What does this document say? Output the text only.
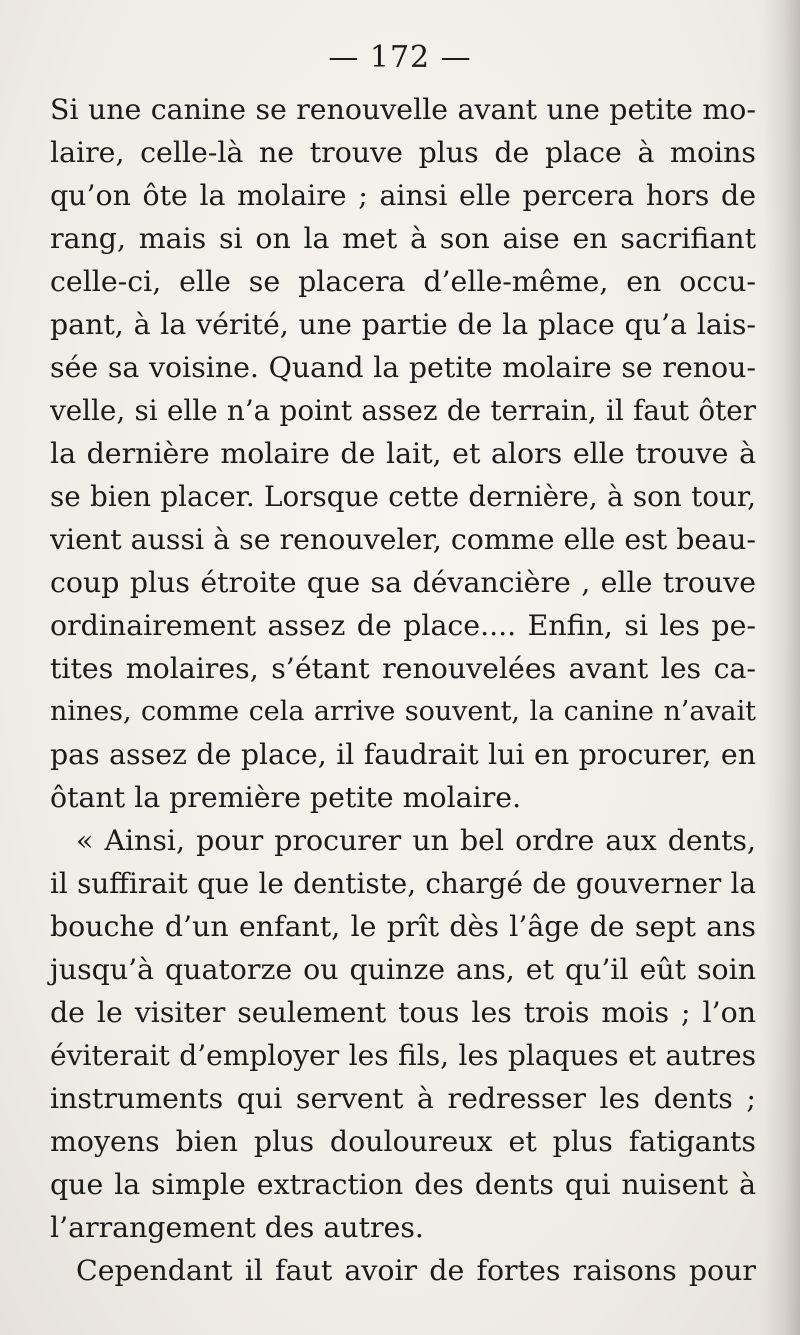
— 172 —
Si une canine se renouvelle avant une petite mo-
laire, celle-là ne trouve plus de place à moins
qu’on ôte la molaire ; ainsi elle percera hors de
rang, mais si on la met à son aise en sacrifiant
celle-ci, elle se placera d’elle-même, en occu-
pant, à la vérité, une partie de la place qu’a lais-
sée sa voisine. Quand la petite molaire se renou-
velle, si elle n’a point assez de terrain, il faut ôter
la dernière molaire de lait, et alors elle trouve à
se bien placer. Lorsque cette dernière, à son tour,
vient aussi à se renouveler, comme elle est beau-
coup plus étroite que sa dévancière , elle trouve
ordinairement assez de place.... Enfin, si les pe-
tites molaires, s’étant renouvelées avant les ca-
nines, comme cela arrive souvent, la canine n’avait
pas assez de place, il faudrait lui en procurer, en
ôtant la première petite molaire.
« Ainsi, pour procurer un bel ordre aux dents,
il suffirait que le dentiste, chargé de gouverner la
bouche d’un enfant, le prît dès l’âge de sept ans
jusqu’à quatorze ou quinze ans, et qu’il eût soin
de le visiter seulement tous les trois mois ; l’on
éviterait d’employer les fils, les plaques et autres
instruments qui servent à redresser les dents ;
moyens bien plus douloureux et plus fatigants
que la simple extraction des dents qui nuisent à
l’arrangement des autres.
Cependant il faut avoir de fortes raisons pour
